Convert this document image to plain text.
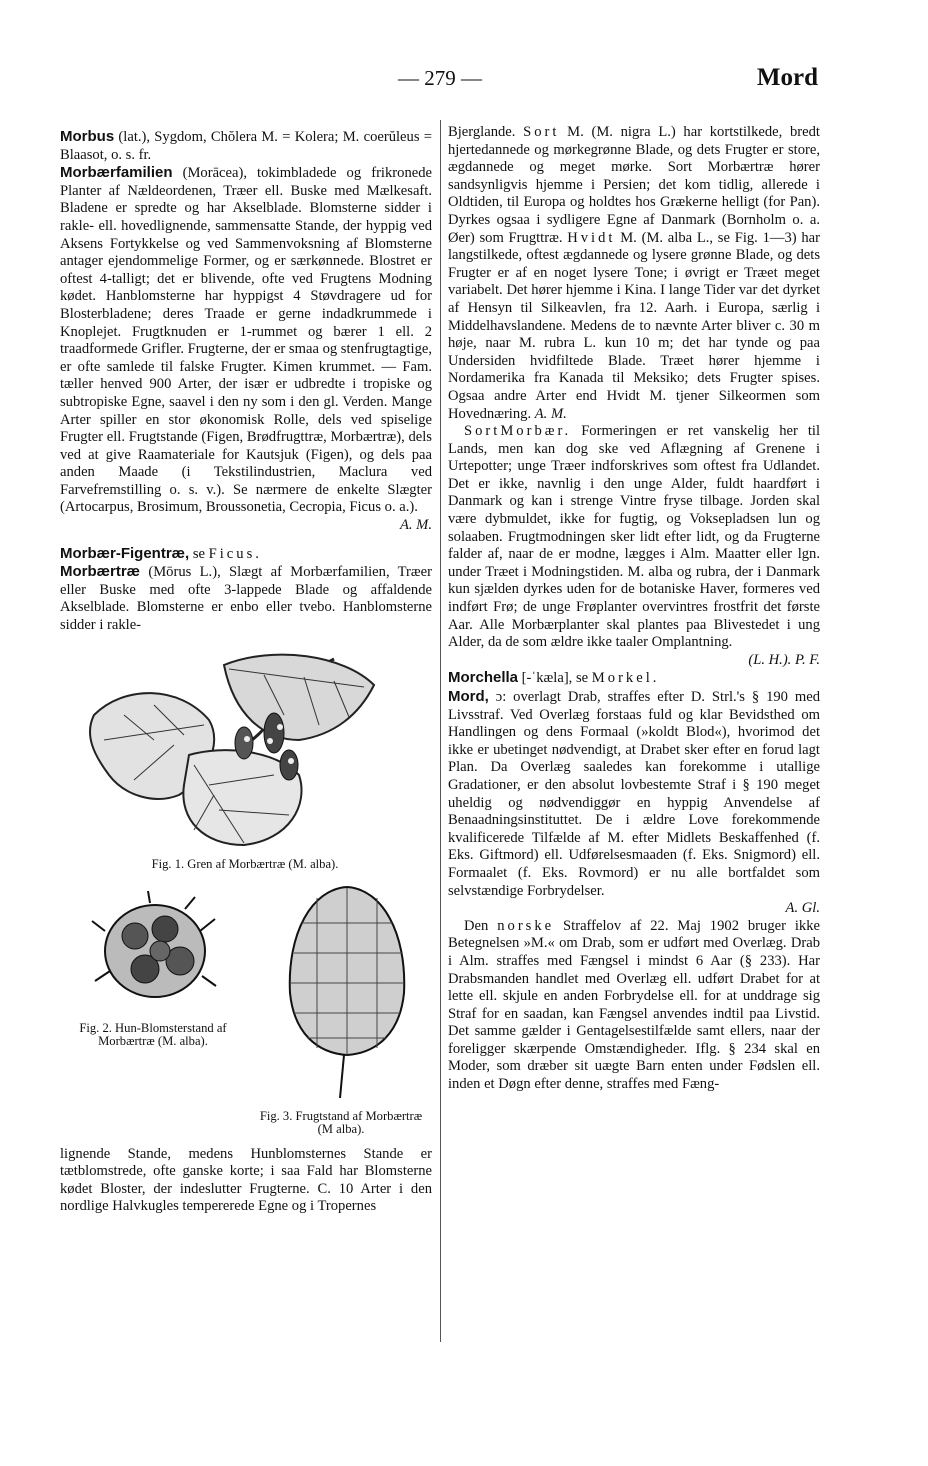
— 279 —	Mord

Morbus (lat.), Sygdom, Chŏlera M. = Kolera; M. coerŭleus = Blaasot, o. s. fr.

Morbærfamilien (Morācea), tokimbladede og frikronede Planter af Nældeordenen, Træer ell. Buske med Mælkesaft. Bladene er spredte og har Akselblade. Blomsterne sidder i rakle- ell. hovedlignende, sammensatte Stande, der hyppig ved Aksens Fortykkelse og ved Sammenvoksning af Blomsterne antager ejendommelige Former, og er særkønnede. Blostret er oftest 4-talligt; det er blivende, ofte ved Frugtens Modning kødet. Hanblomsterne har hyppigst 4 Støvdragere ud for Blosterbladene; deres Traade er gerne indadkrummede i Knoplejet. Frugtknuden er 1-rummet og bærer 1 ell. 2 traadformede Grifler. Frugterne, der er smaa og stenfrugtagtige, er ofte samlede til falske Frugter. Kimen krummet. — Fam. tæller henved 900 Arter, der især er udbredte i tropiske og subtropiske Egne, saavel i den ny som i den gl. Verden. Mange Arter spiller en stor økonomisk Rolle, dels ved spiselige Frugter ell. Frugtstande (Figen, Brødfrugttræ, Morbærtræ), dels ved at give Raamateriale for Kautsjuk (Figen), og dels paa anden Maade (i Tekstilindustrien, Maclura ved Farvefremstilling o. s. v.). Se nærmere de enkelte Slægter (Artocarpus, Brosimum, Broussonetia, Cecropia, Ficus o. a.).
A. M.

Morbær-Figentræ, se Ficus.

Morbærtræ (Mōrus L.), Slægt af Morbærfamilien, Træer eller Buske med ofte 3-lappede Blade og affaldende Akselblade. Blomsterne er enbo eller tvebo. Hanblomsterne sidder i rakle-

Fig. 1. Gren af Morbærtræ (M. alba).
Fig. 2. Hun-Blomsterstand af Morbærtræ (M. alba).
Fig. 3. Frugtstand af Morbærtræ (M alba).

lignende Stande, medens Hunblomsternes Stande er tætblomstrede, ofte ganske korte; i saa Fald har Blomsterne kødet Bloster, der indeslutter Frugterne. C. 10 Arter i den nordlige Halvkugles tempererede Egne og i Tropernes

Bjerglande. Sort M. (M. nigra L.) har kortstilkede, bredt hjertedannede og mørkegrønne Blade, og dets Frugter er store, ægdannede og meget mørke. Sort Morbærtræ hører sandsynligvis hjemme i Persien; det kom tidlig, allerede i Oldtiden, til Europa og holdtes hos Grækerne helligt (for Pan). Dyrkes ogsaa i sydligere Egne af Danmark (Bornholm o. a. Øer) som Frugttræ. Hvidt M. (M. alba L., se Fig. 1—3) har langstilkede, oftest ægdannede og lysere grønne Blade, og dets Frugter er af en noget lysere Tone; i øvrigt er Træet meget variabelt. Det hører hjemme i Kina. I lange Tider var det dyrket af Hensyn til Silkeavlen, fra 12. Aarh. i Europa, særlig i Middelhavslandene. Medens de to nævnte Arter bliver c. 30 m høje, naar M. rubra L. kun 10 m; det har tynde og paa Undersiden hvidfiltede Blade. Træet hører hjemme i Nordamerika fra Kanada til Meksiko; dets Frugter spises. Ogsaa andre Arter end Hvidt M. tjener Silkeormen som Hovednæring. A. M.

SortMorbær. Formeringen er ret vanskelig her til Lands, men kan dog ske ved Aflægning af Grenene i Urtepotter; unge Træer indforskrives som oftest fra Udlandet. Det er ikke, navnlig i den unge Alder, fuldt haardført i Danmark og kan i strenge Vintre fryse tilbage. Jorden skal være dybmuldet, ikke for fugtig, og Voksepladsen lun og solaaben. Frugtmodningen sker lidt efter lidt, og da Frugterne falder af, naar de er modne, lægges i Alm. Maatter eller lgn. under Træet i Modningstiden. M. alba og rubra, der i Danmark kun sjælden dyrkes uden for de botaniske Haver, formeres ved indført Frø; de unge Frøplanter overvintres frostfrit det første Aar. Alle Morbærplanter skal plantes paa Blivestedet i ung Alder, da de som ældre ikke taaler Omplantning.
(L. H.). P. F.

Morchella [-ˈkæla], se Morkel.

Mord, ɔ: overlagt Drab, straffes efter D. Strl.'s § 190 med Livsstraf. Ved Overlæg forstaas fuld og klar Bevidsthed om Handlingen og dens Formaal (»koldt Blod«), hvorimod det ikke er ubetinget nødvendigt, at Drabet sker efter en forud lagt Plan. Da Overlæg saaledes kan forekomme i utallige Gradationer, er den absolut lovbestemte Straf i § 190 meget uheldig og nødvendiggør en hyppig Anvendelse af Benaadningsinstituttet. De i ældre Love forekommende kvalificerede Tilfælde af M. efter Midlets Beskaffenhed (f. Eks. Giftmord) ell. Udførelsesmaaden (f. Eks. Snigmord) ell. Formaalet (f. Eks. Rovmord) er nu alle bortfaldet som selvstændige Forbrydelser.
A. Gl.

Den norske Straffelov af 22. Maj 1902 bruger ikke Betegnelsen »M.« om Drab, som er udført med Overlæg. Drab i Alm. straffes med Fængsel i mindst 6 Aar (§ 233). Har Drabsmanden handlet med Overlæg ell. udført Drabet for at lette ell. skjule en anden Forbrydelse ell. for at unddrage sig Straf for en saadan, kan Fængsel anvendes indtil paa Livstid. Det samme gælder i Gentagelsestilfælde samt ellers, naar der foreligger skærpende Omstændigheder. Iflg. § 234 skal en Moder, som dræber sit uægte Barn enten under Fødslen ell. inden et Døgn efter denne, straffes med Fæng-
